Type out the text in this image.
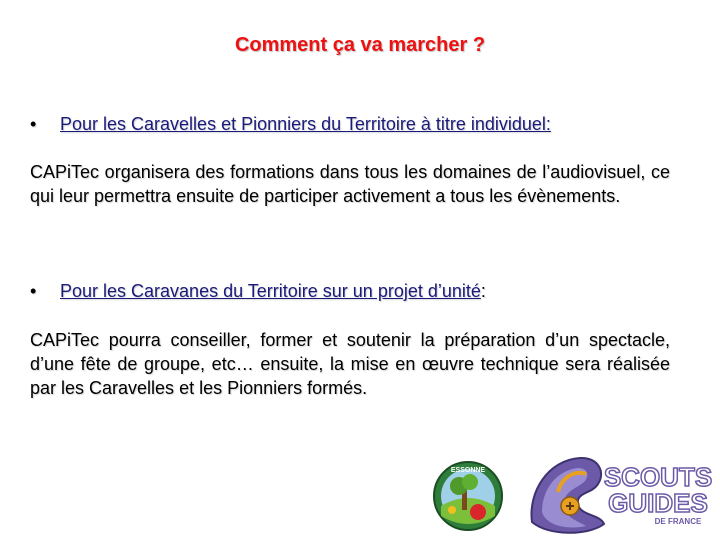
Comment ça va marcher ?
• Pour les Caravelles et Pionniers du Territoire à titre individuel:
CAPiTec organisera des formations dans tous les domaines de l’audiovisuel, ce qui leur permettra ensuite de participer activement a tous les évènements.
• Pour les Caravanes du Territoire sur un projet d’unité:
CAPiTec pourra conseiller, former et soutenir la préparation d’un spectacle, d’une fête de groupe, etc… ensuite, la mise en œuvre technique sera réalisée par les Caravelles et les Pionniers formés.
ESSONNE	SCOUTS
GUIDES
DE FRANCE
